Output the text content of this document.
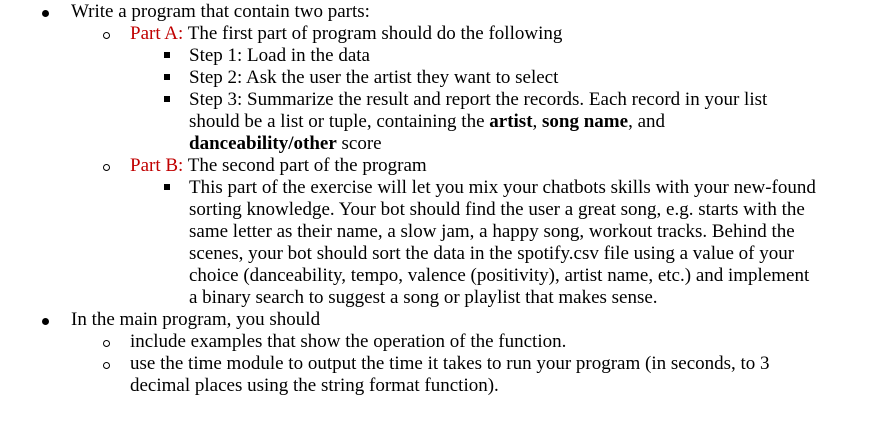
Write a program that contain two parts:
Part A: The first part of program should do the following
Step 1: Load in the data
Step 2: Ask the user the artist they want to select
Step 3: Summarize the result and report the records. Each record in your list
should be a list or tuple, containing the artist, song name, and
danceability/other score
Part B: The second part of the program
This part of the exercise will let you mix your chatbots skills with your new-found
sorting knowledge. Your bot should find the user a great song, e.g. starts with the
same letter as their name, a slow jam, a happy song, workout tracks. Behind the
scenes, your bot should sort the data in the spotify.csv file using a value of your
choice (danceability, tempo, valence (positivity), artist name, etc.) and implement
a binary search to suggest a song or playlist that makes sense.
In the main program, you should
include examples that show the operation of the function.
use the time module to output the time it takes to run your program (in seconds, to 3
decimal places using the string format function).
